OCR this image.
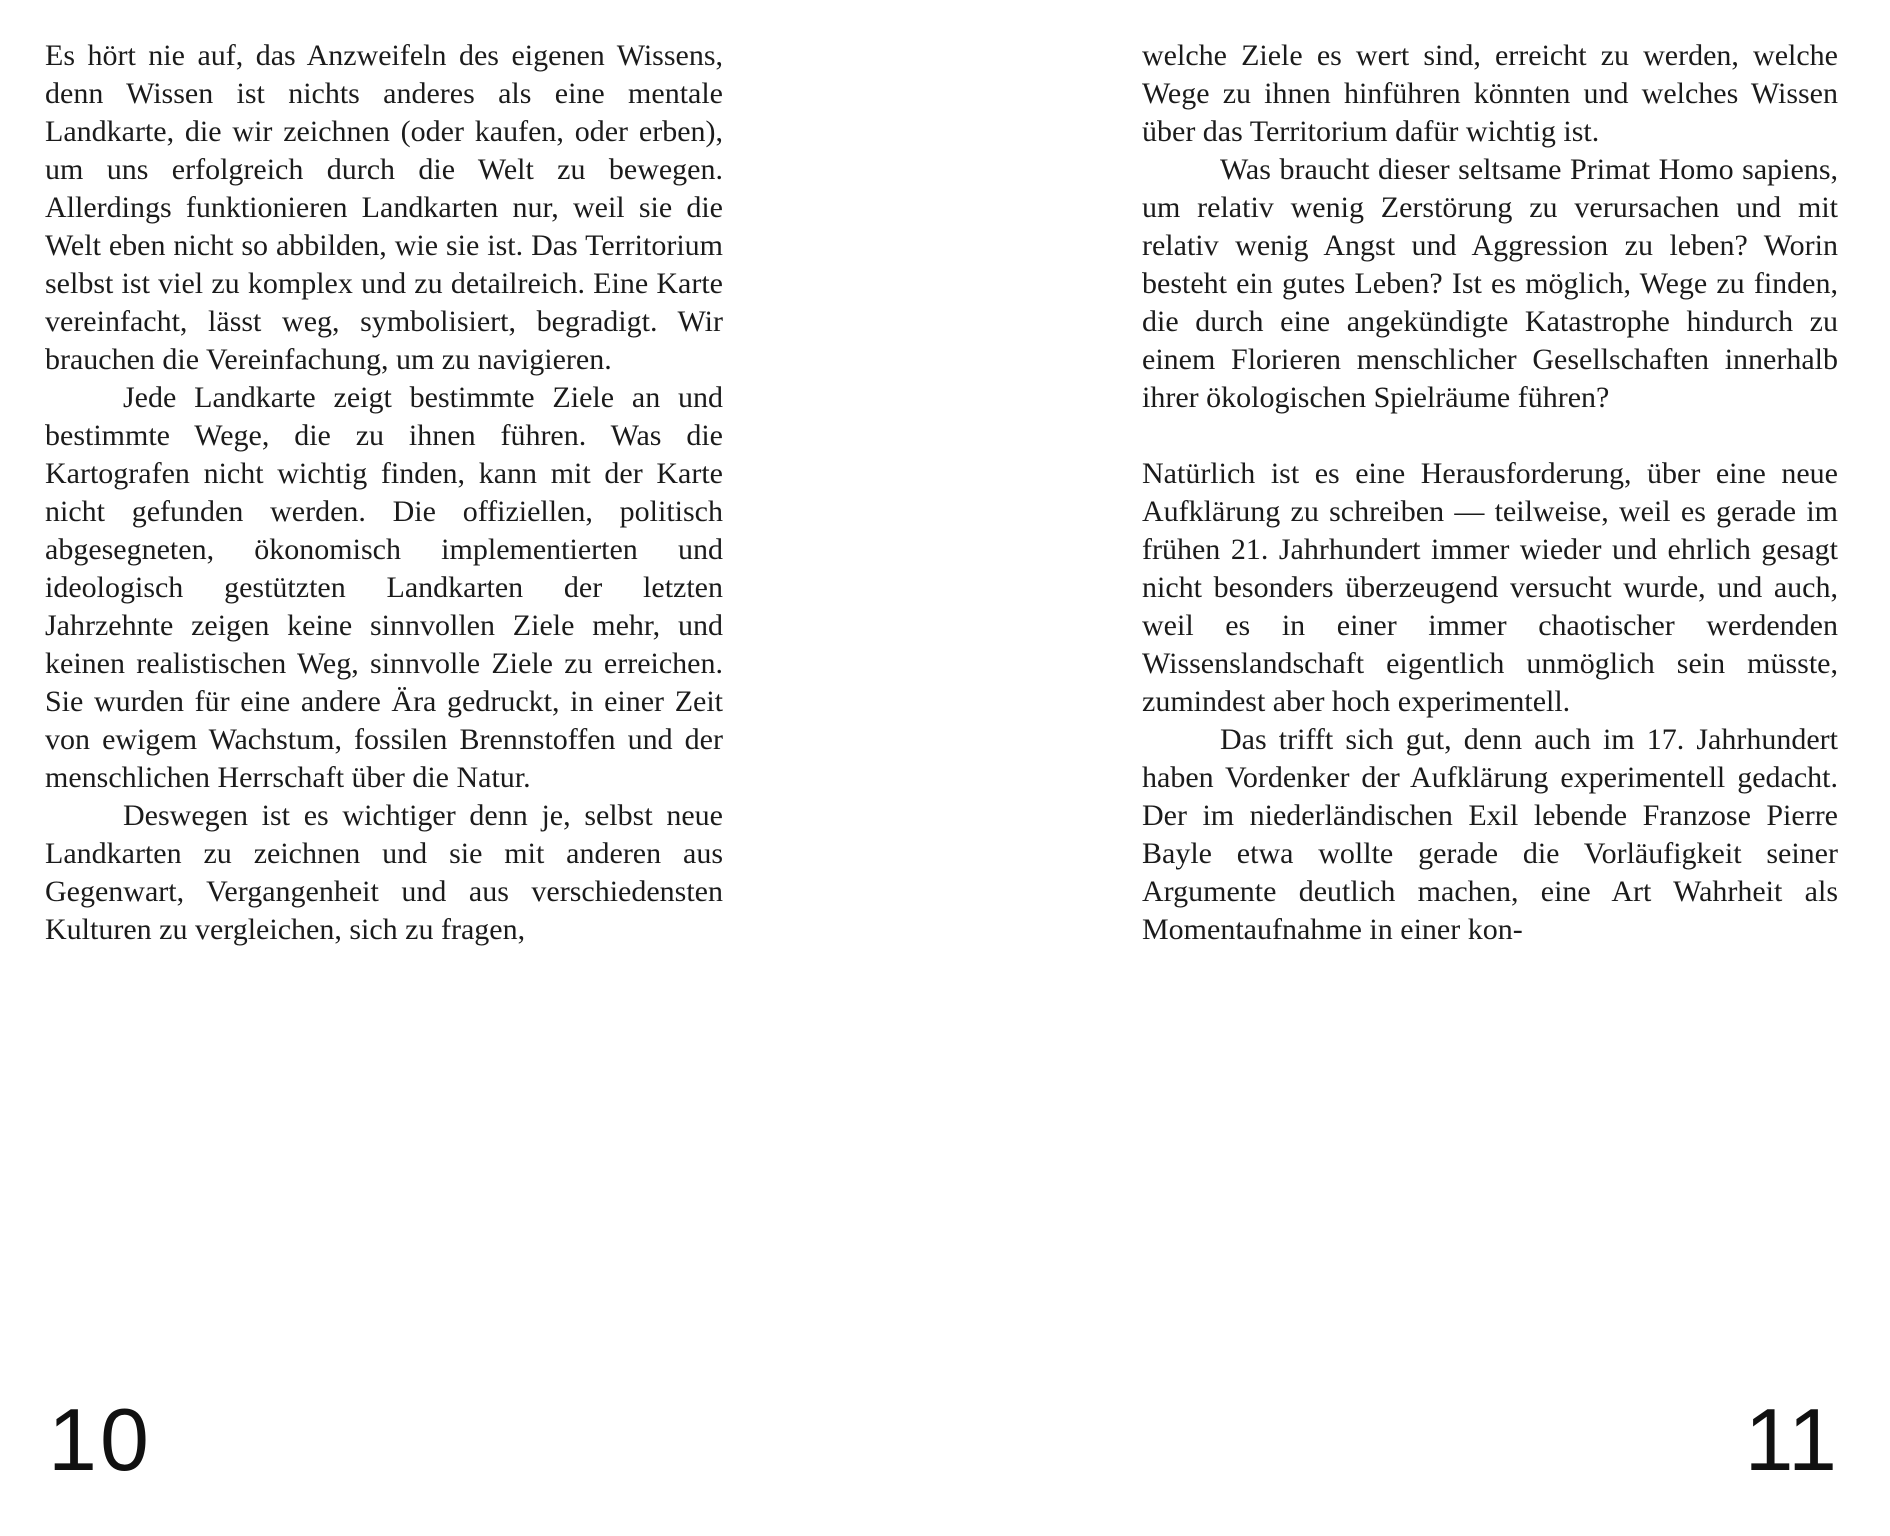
Es hört nie auf, das Anzweifeln des eigenen Wissens, denn Wissen ist nichts anderes als eine mentale Landkarte, die wir zeichnen (oder kaufen, oder erben), um uns erfolgreich durch die Welt zu bewegen. Allerdings funktionieren Landkarten nur, weil sie die Welt eben nicht so abbilden, wie sie ist. Das Territorium selbst ist viel zu komplex und zu detailreich. Eine Karte vereinfacht, lässt weg, symbolisiert, begradigt. Wir brauchen die Vereinfachung, um zu navigieren.

Jede Landkarte zeigt bestimmte Ziele an und bestimmte Wege, die zu ihnen führen. Was die Kartografen nicht wichtig finden, kann mit der Karte nicht gefunden werden. Die offiziellen, politisch abgesegneten, ökonomisch implementierten und ideologisch gestützten Landkarten der letzten Jahrzehnte zeigen keine sinnvollen Ziele mehr, und keinen realistischen Weg, sinnvolle Ziele zu erreichen. Sie wurden für eine andere Ära gedruckt, in einer Zeit von ewigem Wachstum, fossilen Brennstoffen und der menschlichen Herrschaft über die Natur.

Deswegen ist es wichtiger denn je, selbst neue Landkarten zu zeichnen und sie mit anderen aus Gegenwart, Vergangenheit und aus verschiedensten Kulturen zu vergleichen, sich zu fragen,

10

welche Ziele es wert sind, erreicht zu werden, welche Wege zu ihnen hinführen könnten und welches Wissen über das Territorium dafür wichtig ist.

Was braucht dieser seltsame Primat Homo sapiens, um relativ wenig Zerstörung zu verursachen und mit relativ wenig Angst und Aggression zu leben? Worin besteht ein gutes Leben? Ist es möglich, Wege zu finden, die durch eine angekündigte Katastrophe hindurch zu einem Florieren menschlicher Gesellschaften innerhalb ihrer ökologischen Spielräume führen?

Natürlich ist es eine Herausforderung, über eine neue Aufklärung zu schreiben — teilweise, weil es gerade im frühen 21. Jahrhundert immer wieder und ehrlich gesagt nicht besonders überzeugend versucht wurde, und auch, weil es in einer immer chaotischer werdenden Wissenslandschaft eigentlich unmöglich sein müsste, zumindest aber hoch experimentell.

Das trifft sich gut, denn auch im 17. Jahrhundert haben Vordenker der Aufklärung experimentell gedacht. Der im niederländischen Exil lebende Franzose Pierre Bayle etwa wollte gerade die Vorläufigkeit seiner Argumente deutlich machen, eine Art Wahrheit als Momentaufnahme in einer kon-

11
